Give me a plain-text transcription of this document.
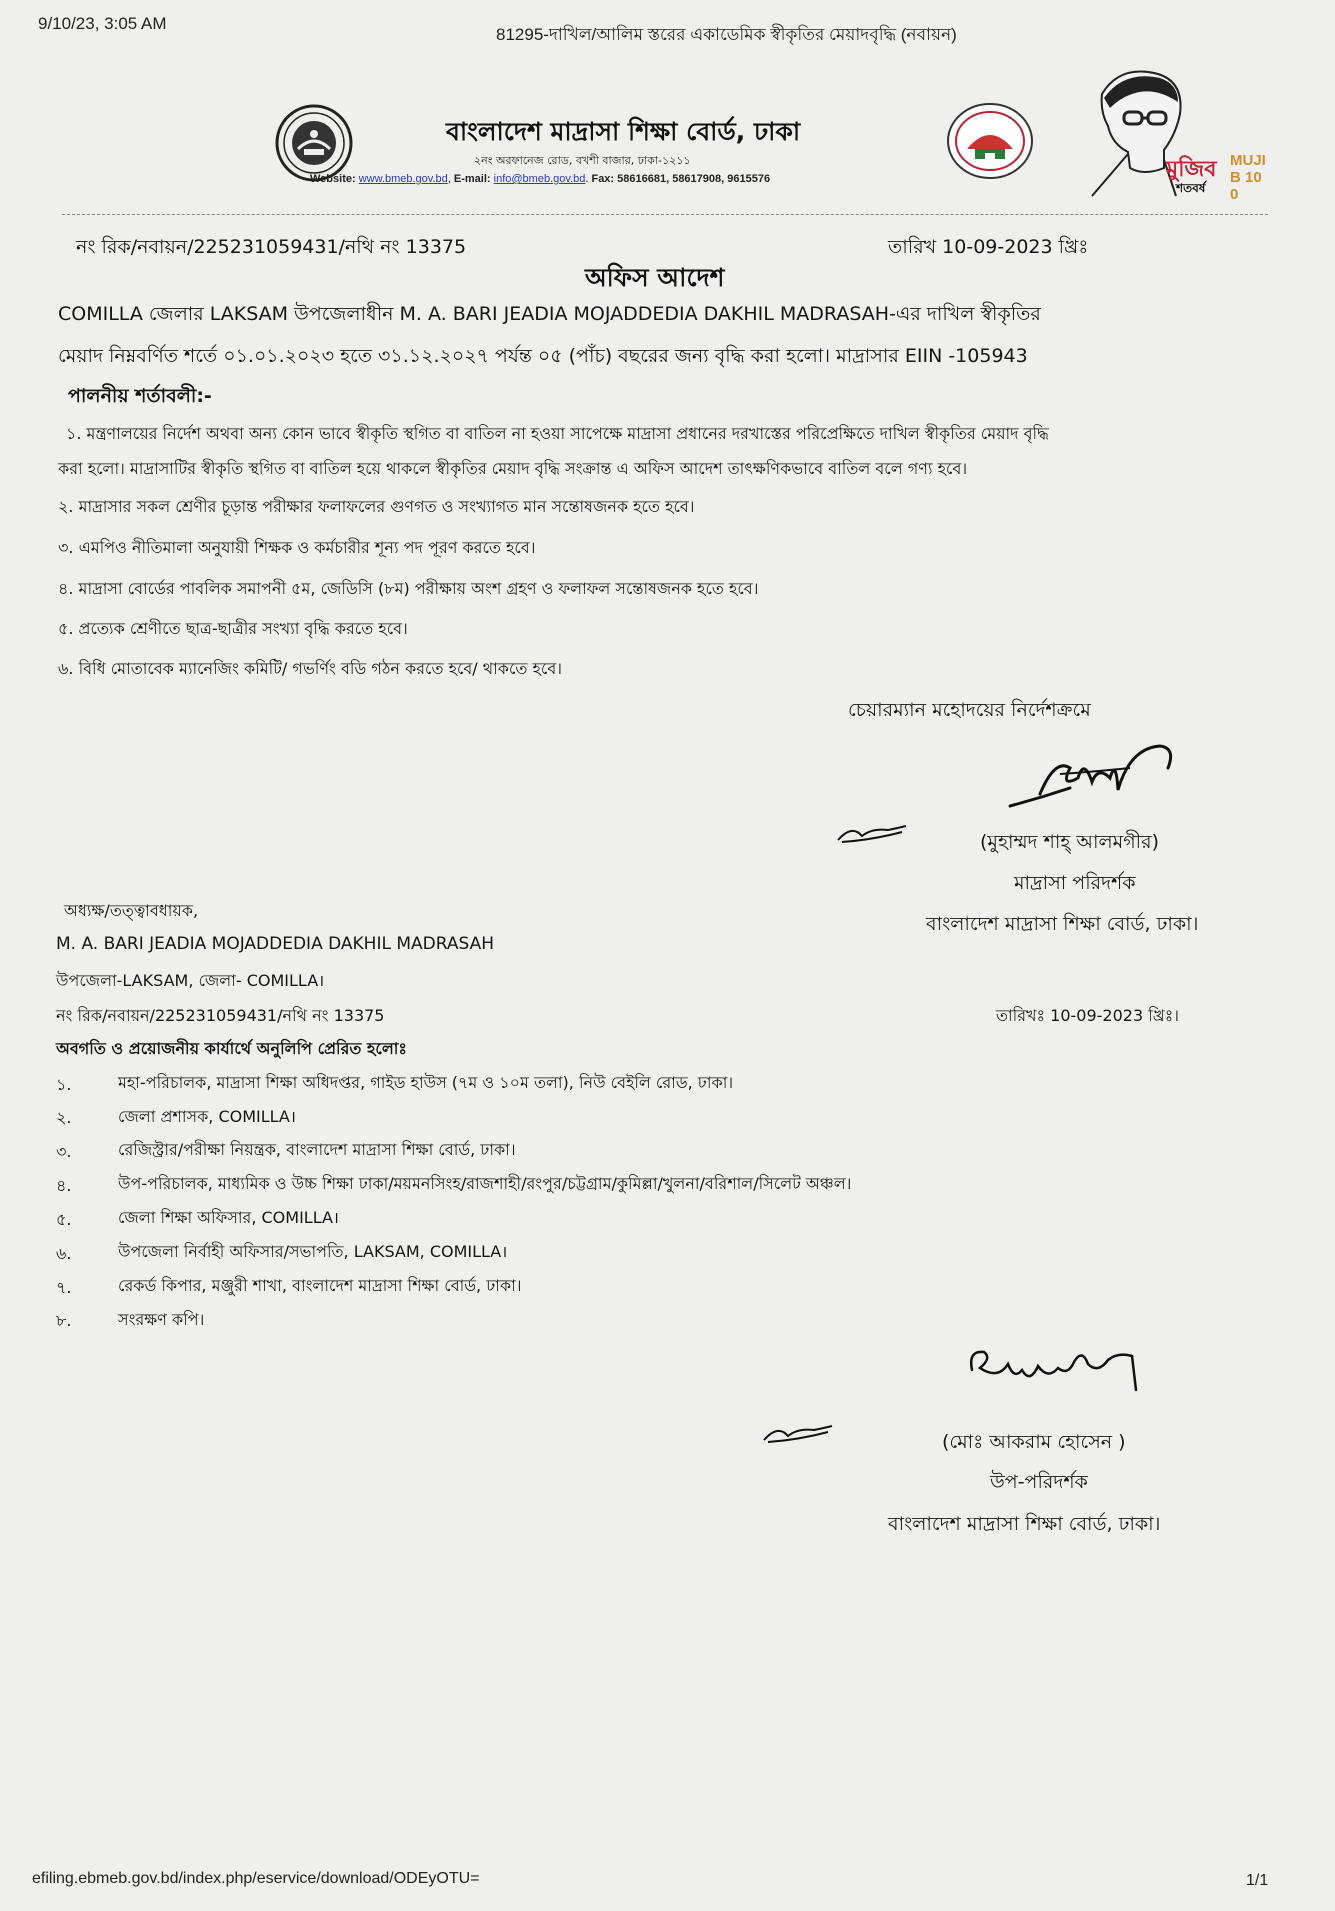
9/10/23, 3:05 AM
81295-দাখিল/আলিম স্তরের একাডেমিক স্বীকৃতির মেয়াদবৃদ্ধি (নবায়ন)
বাংলাদেশ মাদ্রাসা শিক্ষা বোর্ড, ঢাকা
২নং অরফানেজ রোড, বখশী বাজার, ঢাকা-১২১১
Website: www.bmeb.gov.bd, E-mail: info@bmeb.gov.bd. Fax: 58616681, 58617908, 9615576	মুজিব
শতবর্ষ
MUJIB 100
নং রিক/নবায়ন/225231059431/নথি নং 13375	তারিখ 10-09-2023 খ্রিঃ
অফিস আদেশ
COMILLA জেলার LAKSAM উপজেলাধীন M. A. BARI JEADIA MOJADDEDIA DAKHIL MADRASAH-এর দাখিল স্বীকৃতির
মেয়াদ নিম্নবর্ণিত শর্তে ০১.০১.২০২৩ হতে ৩১.১২.২০২৭ পর্যন্ত ০৫ (পাঁচ) বছরের জন্য বৃদ্ধি করা হলো। মাদ্রাসার EIIN -105943
পালনীয় শর্তাবলী:-
১. মন্ত্রণালয়ের নির্দেশ অথবা অন্য কোন ভাবে স্বীকৃতি স্থগিত বা বাতিল না হওয়া সাপেক্ষে মাদ্রাসা প্রধানের দরখাস্তের পরিপ্রেক্ষিতে দাখিল স্বীকৃতির মেয়াদ বৃদ্ধি
করা হলো। মাদ্রাসাটির স্বীকৃতি স্থগিত বা বাতিল হয়ে থাকলে স্বীকৃতির মেয়াদ বৃদ্ধি সংক্রান্ত এ অফিস আদেশ তাৎক্ষণিকভাবে বাতিল বলে গণ্য হবে।
২. মাদ্রাসার সকল শ্রেণীর চূড়ান্ত পরীক্ষার ফলাফলের গুণগত ও সংখ্যাগত মান সন্তোষজনক হতে হবে।
৩. এমপিও নীতিমালা অনুযায়ী শিক্ষক ও কর্মচারীর শূন্য পদ পূরণ করতে হবে।
৪. মাদ্রাসা বোর্ডের পাবলিক সমাপনী ৫ম, জেডিসি (৮ম) পরীক্ষায় অংশ গ্রহণ ও ফলাফল সন্তোষজনক হতে হবে।
৫. প্রত্যেক শ্রেণীতে ছাত্র-ছাত্রীর সংখ্যা বৃদ্ধি করতে হবে।
৬. বিধি মোতাবেক ম্যানেজিং কমিটি/ গভর্ণিং বডি গঠন করতে হবে/ থাকতে হবে।
চেয়ারম্যান মহোদয়ের নির্দেশক্রমে
(মুহাম্মদ শাহ্ আলমগীর)
মাদ্রাসা পরিদর্শক
বাংলাদেশ মাদ্রাসা শিক্ষা বোর্ড, ঢাকা।
অধ্যক্ষ/তত্ত্বাবধায়ক,
M. A. BARI JEADIA MOJADDEDIA DAKHIL MADRASAH
উপজেলা-LAKSAM, জেলা- COMILLA।
নং রিক/নবায়ন/225231059431/নথি নং 13375	তারিখঃ 10-09-2023 খ্রিঃ।
অবগতি ও প্রয়োজনীয় কার্যার্থে অনুলিপি প্রেরিত হলোঃ
১.	মহা-পরিচালক, মাদ্রাসা শিক্ষা অধিদপ্তর, গাইড হাউস (৭ম ও ১০ম তলা), নিউ বেইলি রোড, ঢাকা।
২.	জেলা প্রশাসক, COMILLA।
৩.	রেজিস্ট্রার/পরীক্ষা নিয়ন্ত্রক, বাংলাদেশ মাদ্রাসা শিক্ষা বোর্ড, ঢাকা।
৪.	উপ-পরিচালক, মাধ্যমিক ও উচ্চ শিক্ষা ঢাকা/ময়মনসিংহ/রাজশাহী/রংপুর/চট্টগ্রাম/কুমিল্লা/খুলনা/বরিশাল/সিলেট অঞ্চল।
৫.	জেলা শিক্ষা অফিসার, COMILLA।
৬.	উপজেলা নির্বাহী অফিসার/সভাপতি, LAKSAM, COMILLA।
৭.	রেকর্ড কিপার, মঞ্জুরী শাখা, বাংলাদেশ মাদ্রাসা শিক্ষা বোর্ড, ঢাকা।
৮.	সংরক্ষণ কপি।
(মোঃ আকরাম হোসেন )
উপ-পরিদর্শক
বাংলাদেশ মাদ্রাসা শিক্ষা বোর্ড, ঢাকা।
efiling.ebmeb.gov.bd/index.php/eservice/download/ODEyOTU=	1/1
